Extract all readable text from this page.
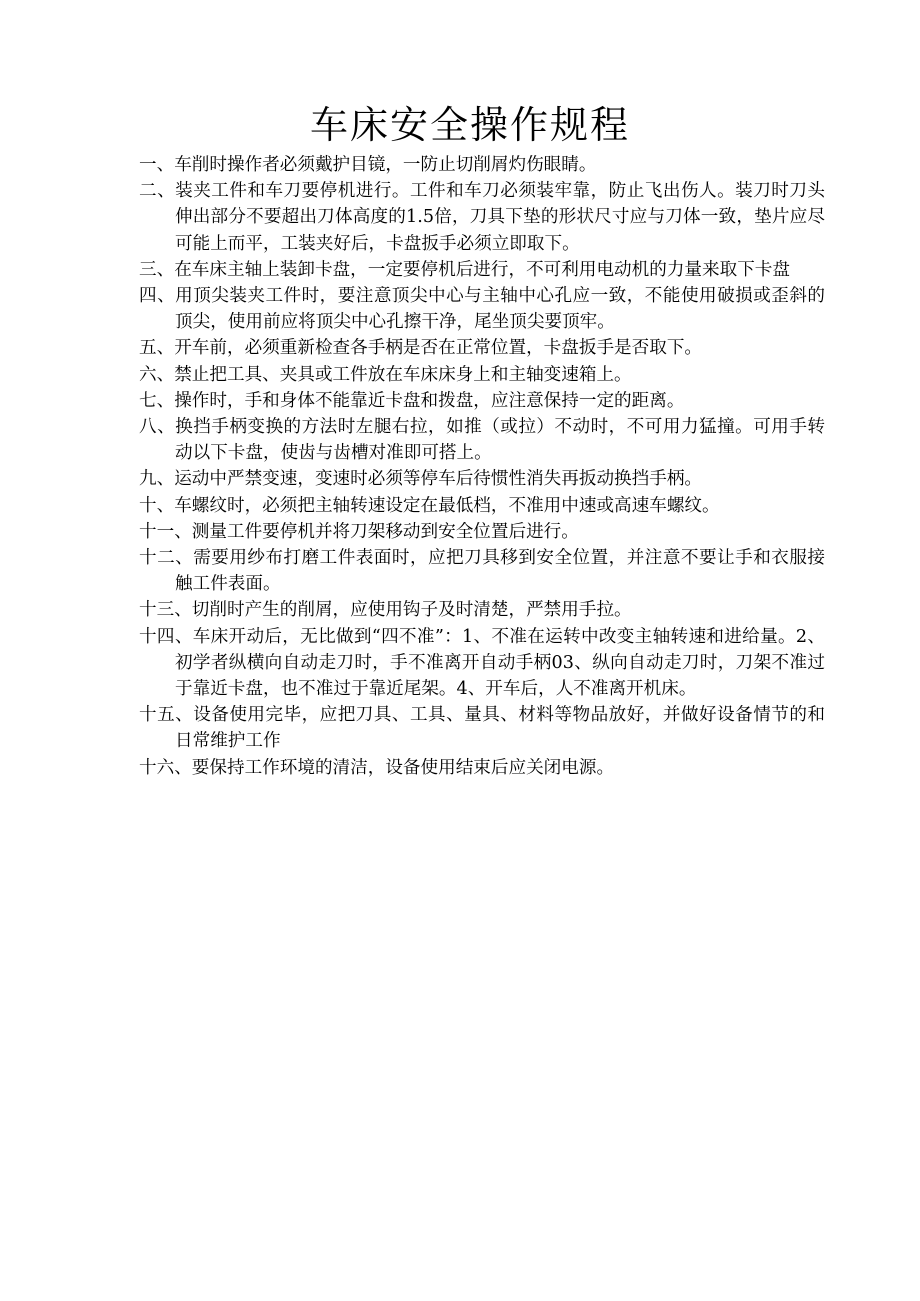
车床安全操作规程
一、车削时操作者必须戴护目镜，一防止切削屑灼伤眼睛。
二、装夹工件和车刀要停机进行。工件和车刀必须装牢靠，防止飞出伤人。装刀时刀头伸出部分不要超出刀体高度的1.5倍，刀具下垫的形状尺寸应与刀体一致，垫片应尽可能上而平，工装夹好后，卡盘扳手必须立即取下。
三、在车床主轴上装卸卡盘，一定要停机后进行，不可利用电动机的力量来取下卡盘
四、用顶尖装夹工件时，要注意顶尖中心与主轴中心孔应一致，不能使用破损或歪斜的顶尖，使用前应将顶尖中心孔擦干净，尾坐顶尖要顶牢。
五、开车前，必须重新检查各手柄是否在正常位置，卡盘扳手是否取下。
六、禁止把工具、夹具或工件放在车床床身上和主轴变速箱上。
七、操作时，手和身体不能靠近卡盘和拨盘，应注意保持一定的距离。
八、换挡手柄变换的方法时左腿右拉，如推（或拉）不动时，不可用力猛撞。可用手转动以下卡盘，使齿与齿槽对准即可搭上。
九、运动中严禁变速，变速时必须等停车后待惯性消失再扳动换挡手柄。
十、车螺纹时，必须把主轴转速设定在最低档，不准用中速或高速车螺纹。
十一、测量工件要停机并将刀架移动到安全位置后进行。
十二、需要用纱布打磨工件表面时，应把刀具移到安全位置，并注意不要让手和衣服接触工件表面。
十三、切削时产生的削屑，应使用钩子及时清楚，严禁用手拉。
十四、车床开动后，无比做到“四不准”：1、不准在运转中改变主轴转速和进给量。2、初学者纵横向自动走刀时，手不准离开自动手柄03、纵向自动走刀时，刀架不准过于靠近卡盘，也不准过于靠近尾架。4、开车后，人不准离开机床。
十五、设备使用完毕，应把刀具、工具、量具、材料等物品放好，并做好设备情节的和日常维护工作
十六、要保持工作环境的清洁，设备使用结束后应关闭电源。
